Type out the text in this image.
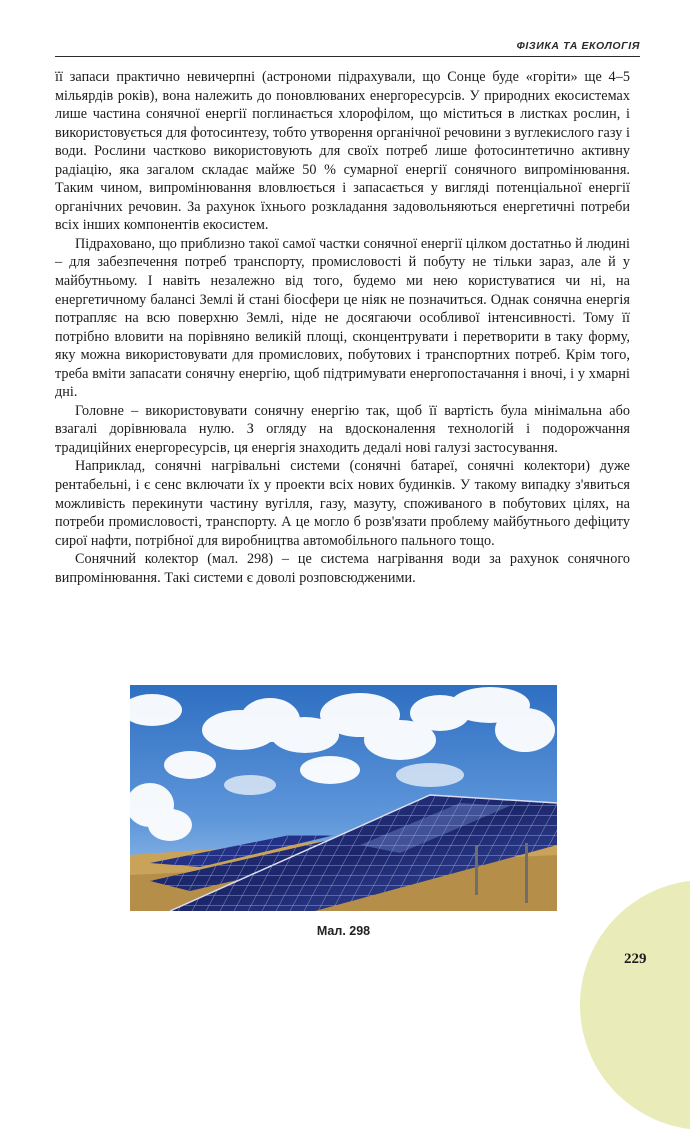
ФІЗИКА ТА ЕКОЛОГІЯ

її запаси практично невичерпні (астрономи підрахували, що Сонце буде «горіти» ще 4–5 мільярдів років), вона належить до поновлюваних енергоресурсів. У природних екосистемах лише частина сонячної енергії поглинається хлорофілом, що міститься в листках рослин, і використовується для фотосинтезу, тобто утворення органічної речовини з вуглекислого газу і води. Рослини частково використовують для своїх потреб лише фотосинтетично активну радіацію, яка загалом складає майже 50 % сумарної енергії сонячного випромінювання. Таким чином, випромінювання вловлюється і запасається у вигляді потенціальної енергії органічних речовин. За рахунок їхнього розкладання задовольняються енергетичні потреби всіх інших компонентів екосистем.

Підраховано, що приблизно такої самої частки сонячної енергії цілком достатньо й людині – для забезпечення потреб транспорту, промисловості й побуту не тільки зараз, але й у майбутньому. І навіть незалежно від того, будемо ми нею користуватися чи ні, на енергетичному балансі Землі й стані біосфери це ніяк не позначиться. Однак сонячна енергія потрапляє на всю поверхню Землі, ніде не досягаючи особливої інтенсивності. Тому її потрібно вловити на порівняно великій площі, сконцентрувати і перетворити в таку форму, яку можна використовувати для промислових, побутових і транспортних потреб. Крім того, треба вміти запасати сонячну енергію, щоб підтримувати енергопостачання і вночі, і у хмарні дні.

Головне – використовувати сонячну енергію так, щоб її вартість була мінімальна або взагалі дорівнювала нулю. З огляду на вдосконалення технологій і подорожчання традиційних енергоресурсів, ця енергія знаходить дедалі нові галузі застосування.

Наприклад, сонячні нагрівальні системи (сонячні батареї, сонячні колектори) дуже рентабельні, і є сенс включати їх у проекти всіх нових будинків. У такому випадку з'явиться можливість перекинути частину вугілля, газу, мазуту, споживаного в побутових цілях, на потреби промисловості, транспорту. А це могло б розв'язати проблему майбутнього дефіциту сирої нафти, потрібної для виробництва автомобільного пального тощо.

Сонячний колектор (мал. 298) – це система нагрівання води за рахунок сонячного випромінювання. Такі системи є доволі розповсюдженими.

Мал. 298
229
